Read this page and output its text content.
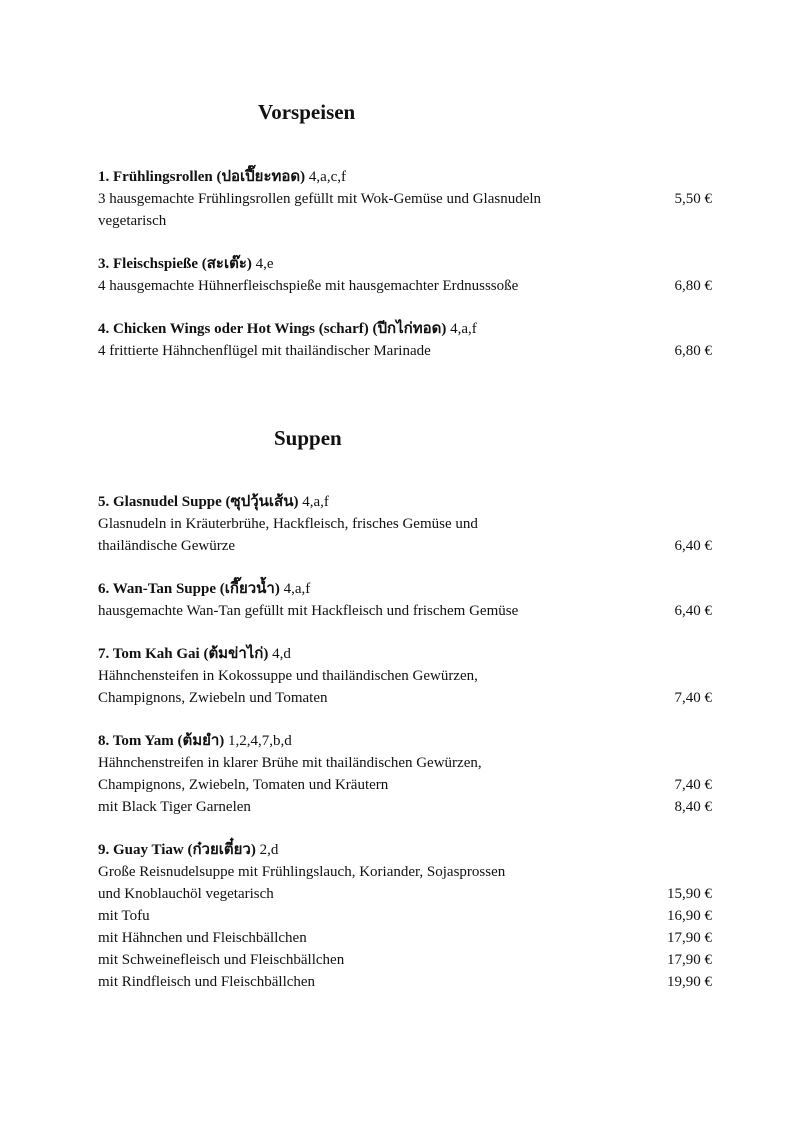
Vorspeisen
1. Frühlingsrollen (ปอเปี๊ยะทอด) 4,a,c,f
3 hausgemachte Frühlingsrollen gefüllt mit Wok-Gemüse und Glasnudeln	5,50 €
vegetarisch
3. Fleischspieße (สะเต๊ะ) 4,e
4 hausgemachte Hühnerfleischspieße mit hausgemachter Erdnusssoße	6,80 €
4. Chicken Wings oder Hot Wings (scharf) (ปีกไก่ทอด) 4,a,f
4 frittierte Hähnchenflügel mit thailändischer Marinade	6,80 €
Suppen
5. Glasnudel Suppe (ซุปวุ้นเส้น) 4,a,f
Glasnudeln in Kräuterbrühe, Hackfleisch, frisches Gemüse und
thailändische Gewürze	6,40 €
6. Wan-Tan Suppe (เกี๊ยวน้ำ) 4,a,f
hausgemachte Wan-Tan gefüllt mit Hackfleisch und frischem Gemüse	6,40 €
7. Tom Kah Gai (ต้มข่าไก่) 4,d
Hähnchensteifen in Kokossuppe und thailändischen Gewürzen,
Champignons, Zwiebeln und Tomaten	7,40 €
8. Tom Yam (ต้มยำ) 1,2,4,7,b,d
Hähnchenstreifen in klarer Brühe mit thailändischen Gewürzen,
Champignons, Zwiebeln, Tomaten und Kräutern	7,40 €
mit Black Tiger Garnelen	8,40 €
9. Guay Tiaw (ก๋วยเตี๋ยว) 2,d
Große Reisnudelsuppe mit Frühlingslauch, Koriander, Sojasprossen
und Knoblauchöl vegetarisch	15,90 €
mit Tofu	16,90 €
mit Hähnchen und Fleischbällchen	17,90 €
mit Schweinefleisch und Fleischbällchen	17,90 €
mit Rindfleisch und Fleischbällchen	19,90 €
